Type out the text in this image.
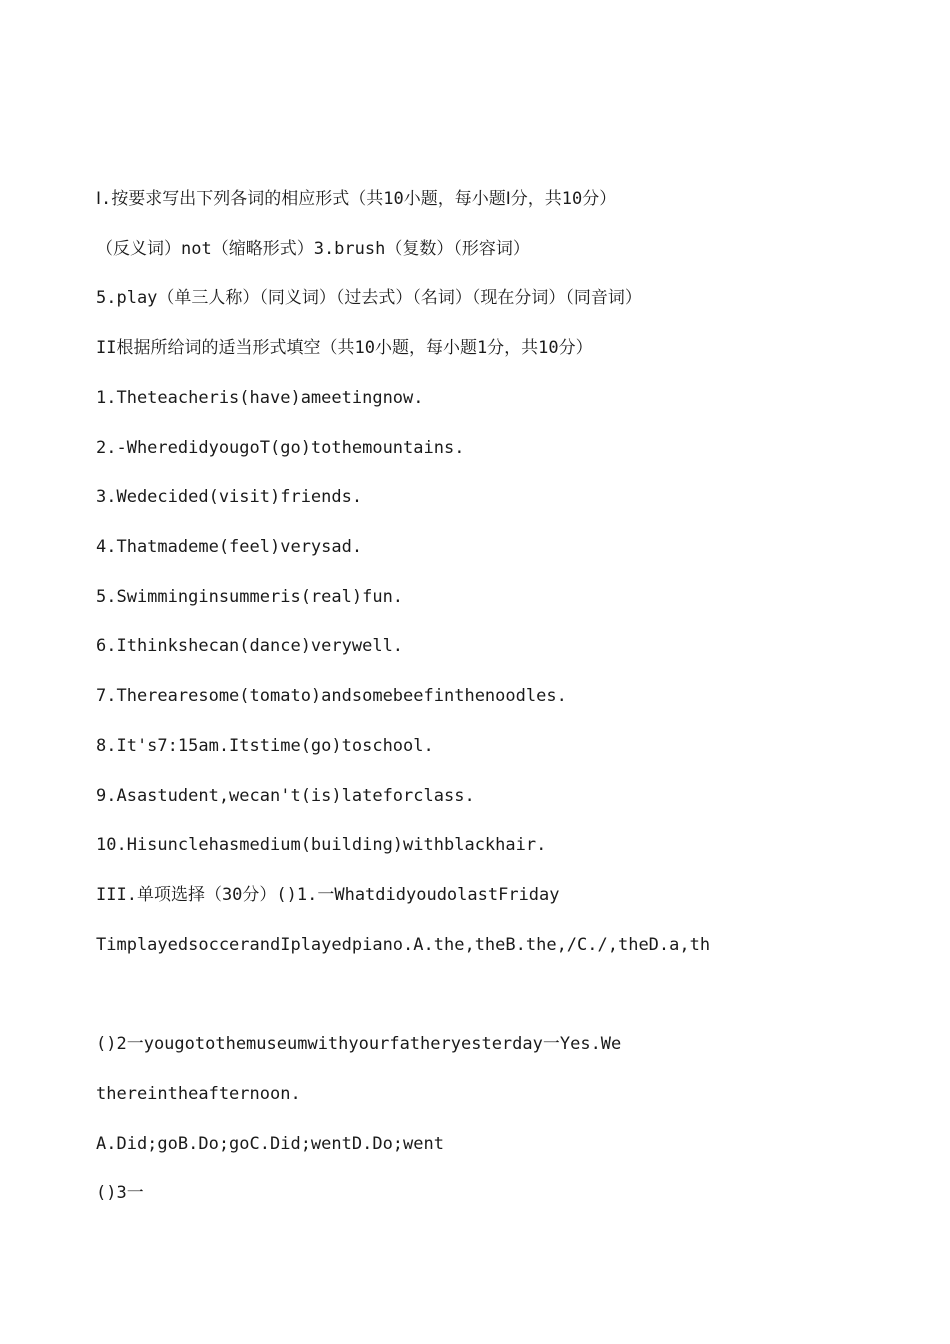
Ⅰ.按要求写出下列各词的相应形式（共10小题，每小题Ⅰ分，共10分）
（反义词）not（缩略形式）3.brush（复数）（形容词）
5.play（单三人称）（同义词）（过去式）（名词）（现在分词）（同音词）
II根据所给词的适当形式填空（共10小题，每小题1分，共10分）
1.Theteacheris(have)ameetingnow.
2.-WheredidyougoT(go)tothemountains.
3.Wedecided(visit)friends.
4.Thatmademe(feel)verysad.
5.Swimminginsummeris(real)fun.
6.Ithinkshecan(dance)verywell.
7.Therearesome(tomato)andsomebeefinthenoodles.
8.It's7:15am.Itstime(go)toschool.
9.Asastudent,wecan't(is)lateforclass.
10.Hisunclehasmedium(building)withblackhair.
III.单项选择（30分）()1.一WhatdidyoudolastFriday
TimplayedsoccerandIplayedpiano.A.the,theB.the,/C./,theD.a,th
()2一yougotothemuseumwithyourfatheryesterday一Yes.We
thereintheafternoon.
A.Did;goB.Do;goC.Did;wentD.Do;went
()3一
